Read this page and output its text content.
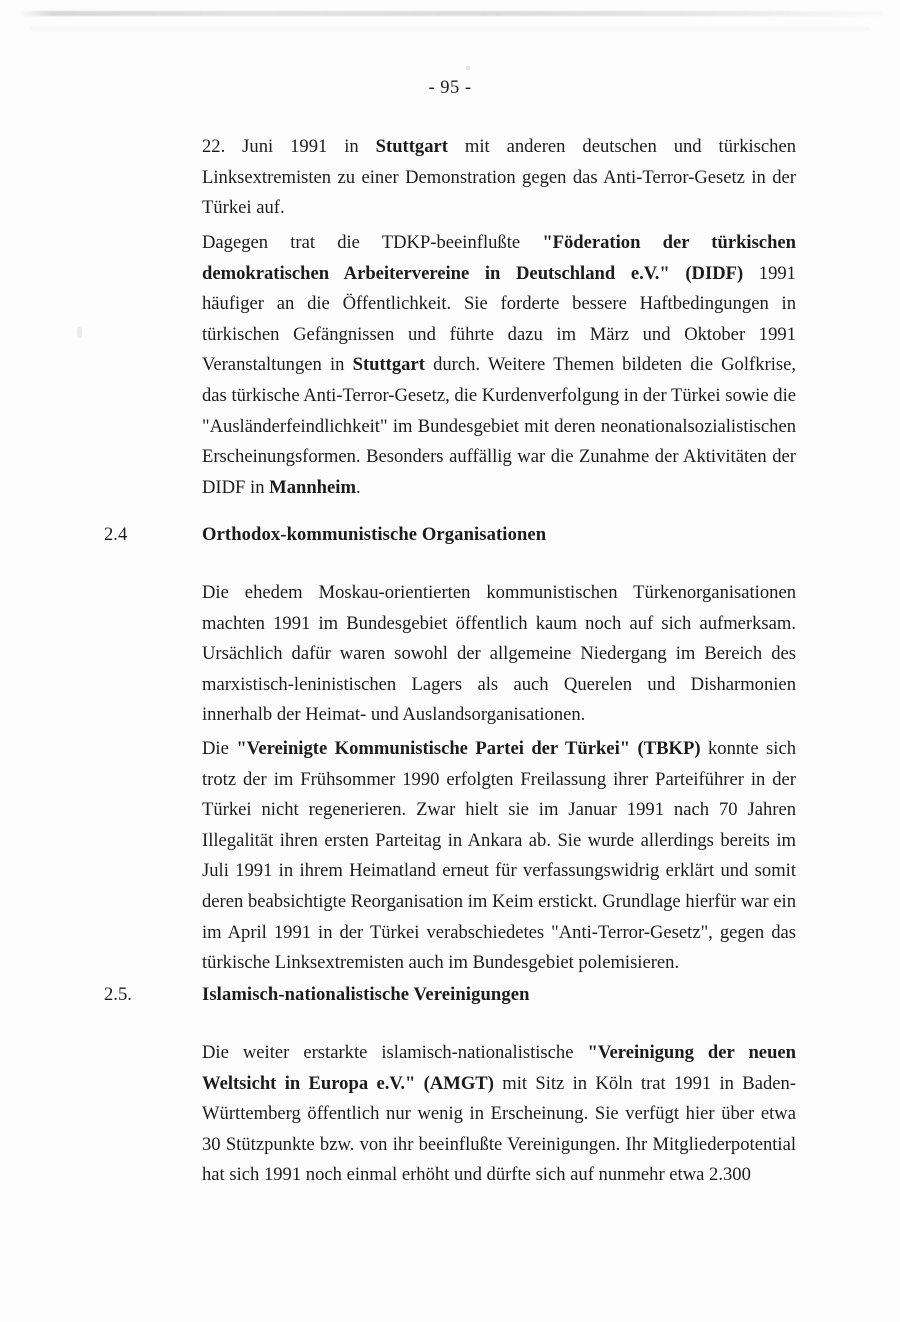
- 95 -

22. Juni 1991 in Stuttgart mit anderen deutschen und türkischen Linksextremisten zu einer Demonstration gegen das Anti-Terror-Gesetz in der Türkei auf.

Dagegen trat die TDKP-beeinflußte "Föderation der türkischen demokratischen Arbeitervereine in Deutschland e.V." (DIDF) 1991 häufiger an die Öffentlichkeit. Sie forderte bessere Haftbedingungen in türkischen Gefängnissen und führte dazu im März und Oktober 1991 Veranstaltungen in Stuttgart durch. Weitere Themen bildeten die Golfkrise, das türkische Anti-Terror-Gesetz, die Kurdenverfolgung in der Türkei sowie die "Ausländerfeindlichkeit" im Bundesgebiet mit deren neonationalsozialistischen Erscheinungsformen. Besonders auffällig war die Zunahme der Aktivitäten der DIDF in Mannheim.

2.4	Orthodox-kommunistische Organisationen

Die ehedem Moskau-orientierten kommunistischen Türkenorganisationen machten 1991 im Bundesgebiet öffentlich kaum noch auf sich aufmerksam. Ursächlich dafür waren sowohl der allgemeine Niedergang im Bereich des marxistisch-leninistischen Lagers als auch Querelen und Disharmonien innerhalb der Heimat- und Auslandsorganisationen.

Die "Vereinigte Kommunistische Partei der Türkei" (TBKP) konnte sich trotz der im Frühsommer 1990 erfolgten Freilassung ihrer Parteiführer in der Türkei nicht regenerieren. Zwar hielt sie im Januar 1991 nach 70 Jahren Illegalität ihren ersten Parteitag in Ankara ab. Sie wurde allerdings bereits im Juli 1991 in ihrem Heimatland erneut für verfassungswidrig erklärt und somit deren beabsichtigte Reorganisation im Keim erstickt. Grundlage hierfür war ein im April 1991 in der Türkei verabschiedetes "Anti-Terror-Gesetz", gegen das türkische Linksextremisten auch im Bundesgebiet polemisieren.

2.5.	Islamisch-nationalistische Vereinigungen

Die weiter erstarkte islamisch-nationalistische "Vereinigung der neuen Weltsicht in Europa e.V." (AMGT) mit Sitz in Köln trat 1991 in Baden-Württemberg öffentlich nur wenig in Erscheinung. Sie verfügt hier über etwa 30 Stützpunkte bzw. von ihr beeinflußte Vereinigungen. Ihr Mitgliederpotential hat sich 1991 noch einmal erhöht und dürfte sich auf nunmehr etwa 2.300
